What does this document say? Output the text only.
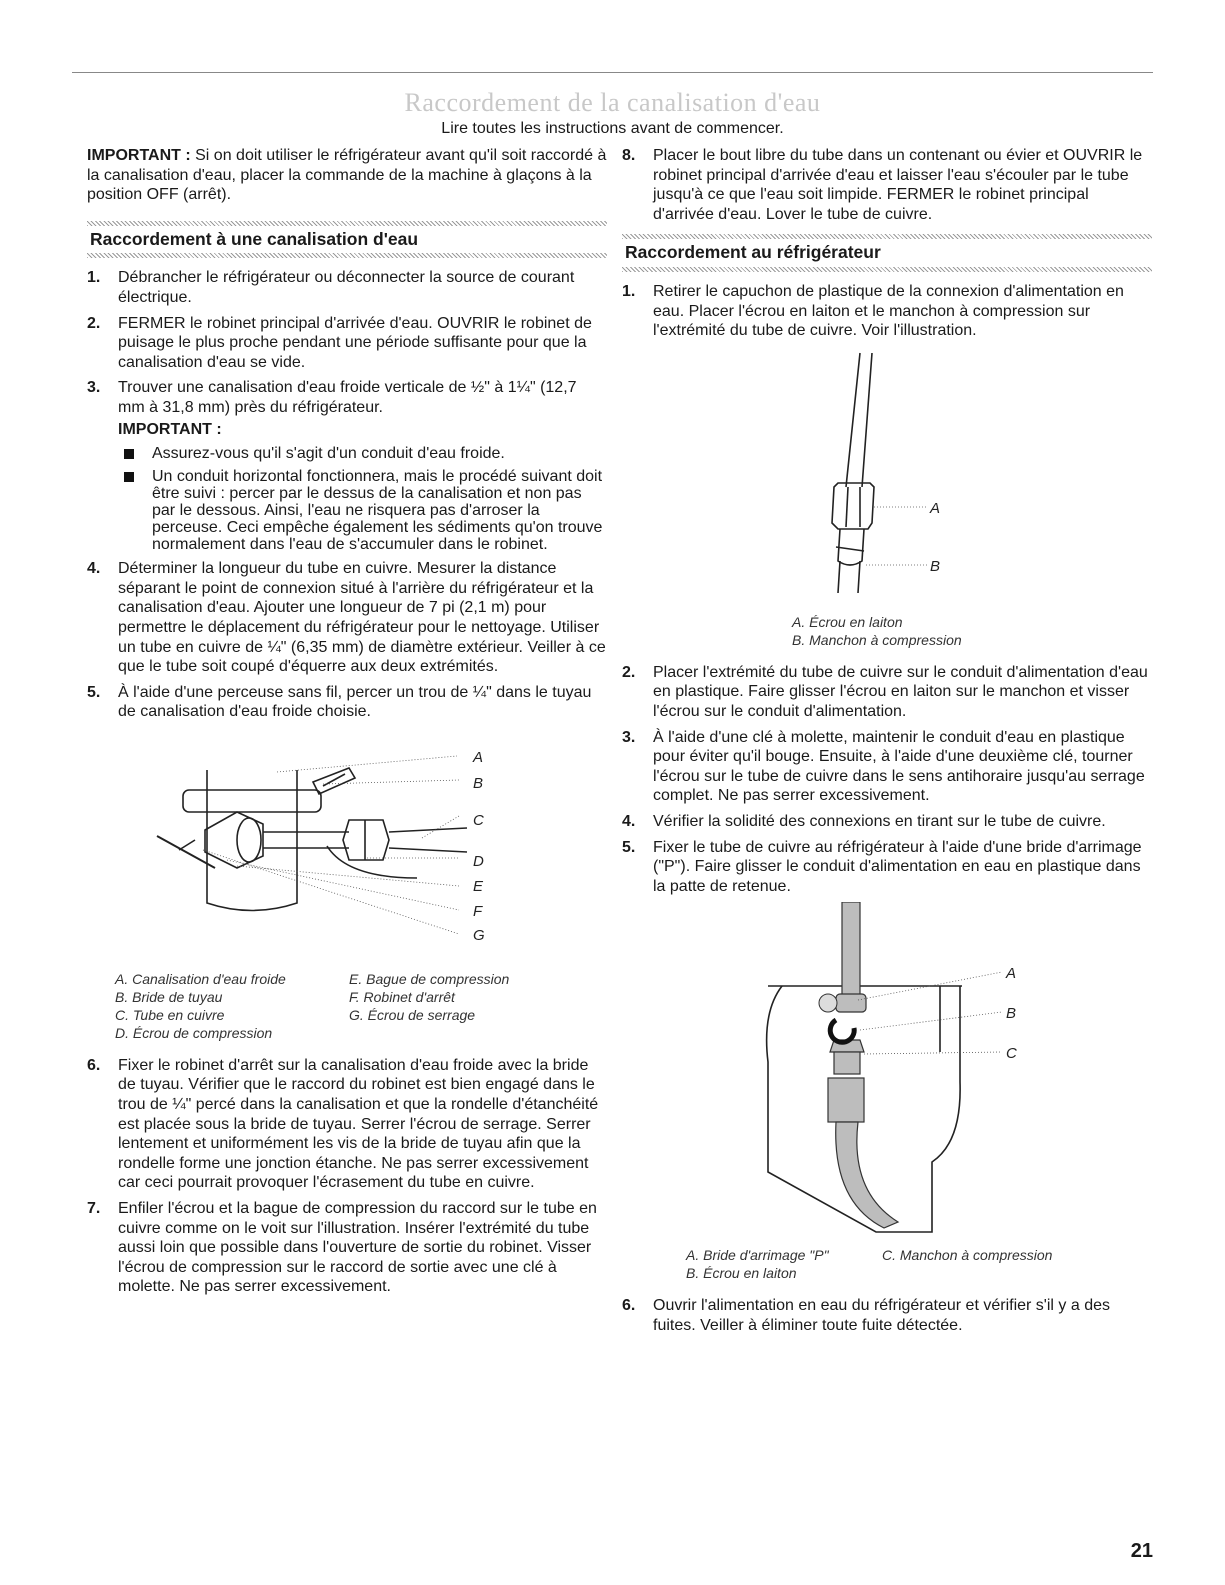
Raccordement de la canalisation d'eau
Lire toutes les instructions avant de commencer.

IMPORTANT : Si on doit utiliser le réfrigérateur avant qu'il soit raccordé à la canalisation d'eau, placer la commande de la machine à glaçons à la position OFF (arrêt).

Raccordement à une canalisation d'eau
1.	Débrancher le réfrigérateur ou déconnecter la source de courant électrique.
2.	FERMER le robinet principal d'arrivée d'eau. OUVRIR le robinet de puisage le plus proche pendant une période suffisante pour que la canalisation d'eau se vide.
3.	Trouver une canalisation d'eau froide verticale de ½" à 1¼" (12,7 mm à 31,8 mm) près du réfrigérateur.
IMPORTANT :
Assurez-vous qu'il s'agit d'un conduit d'eau froide.
Un conduit horizontal fonctionnera, mais le procédé suivant doit être suivi : percer par le dessus de la canalisation et non pas par le dessous. Ainsi, l'eau ne risquera pas d'arroser la perceuse. Ceci empêche également les sédiments qu'on trouve normalement dans l'eau de s'accumuler dans le robinet.
4.	Déterminer la longueur du tube en cuivre. Mesurer la distance séparant le point de connexion situé à l'arrière du réfrigérateur et la canalisation d'eau. Ajouter une longueur de 7 pi (2,1 m) pour permettre le déplacement du réfrigérateur pour le nettoyage. Utiliser un tube en cuivre de ¼" (6,35 mm) de diamètre extérieur. Veiller à ce que le tube soit coupé d'équerre aux deux extrémités.
5.	À l'aide d'une perceuse sans fil, percer un trou de ¼" dans le tuyau de canalisation d'eau froide choisie.
A
B
C
D
E
F
G
A. Canalisation d'eau froide
B. Bride de tuyau
C. Tube en cuivre
D. Écrou de compression

E. Bague de compression
F. Robinet d'arrêt
G. Écrou de serrage
6.	Fixer le robinet d'arrêt sur la canalisation d'eau froide avec la bride de tuyau. Vérifier que le raccord du robinet est bien engagé dans le trou de ¼" percé dans la canalisation et que la rondelle d'étanchéité est placée sous la bride de tuyau. Serrer l'écrou de serrage. Serrer lentement et uniformément les vis de la bride de tuyau afin que la rondelle forme une jonction étanche. Ne pas serrer excessivement car ceci pourrait provoquer l'écrasement du tube en cuivre.
7.	Enfiler l'écrou et la bague de compression du raccord sur le tube en cuivre comme on le voit sur l'illustration. Insérer l'extrémité du tube aussi loin que possible dans l'ouverture de sortie du robinet. Visser l'écrou de compression sur le raccord de sortie avec une clé à molette. Ne pas serrer excessivement.
8.	Placer le bout libre du tube dans un contenant ou évier et OUVRIR le robinet principal d'arrivée d'eau et laisser l'eau s'écouler par le tube jusqu'à ce que l'eau soit limpide. FERMER le robinet principal d'arrivée d'eau. Lover le tube de cuivre.
Raccordement au réfrigérateur
1.	Retirer le capuchon de plastique de la connexion d'alimentation en eau. Placer l'écrou en laiton et le manchon à compression sur l'extrémité du tube de cuivre. Voir l'illustration.
A
B
A. Écrou en laiton
B. Manchon à compression
2.	Placer l'extrémité du tube de cuivre sur le conduit d'alimentation d'eau en plastique. Faire glisser l'écrou en laiton sur le manchon et visser l'écrou sur le conduit d'alimentation.
3.	À l'aide d'une clé à molette, maintenir le conduit d'eau en plastique pour éviter qu'il bouge. Ensuite, à l'aide d'une deuxième clé, tourner l'écrou sur le tube de cuivre dans le sens antihoraire jusqu'au serrage complet. Ne pas serrer excessivement.
4.	Vérifier la solidité des connexions en tirant sur le tube de cuivre.
5.	Fixer le tube de cuivre au réfrigérateur à l'aide d'une bride d'arrimage ("P"). Faire glisser le conduit d'alimentation en eau en plastique dans la patte de retenue.
A
B
C
A. Bride d'arrimage "P"
B. Écrou en laiton

C. Manchon à compression
6.	Ouvrir l'alimentation en eau du réfrigérateur et vérifier s'il y a des fuites. Veiller à éliminer toute fuite détectée.
21
